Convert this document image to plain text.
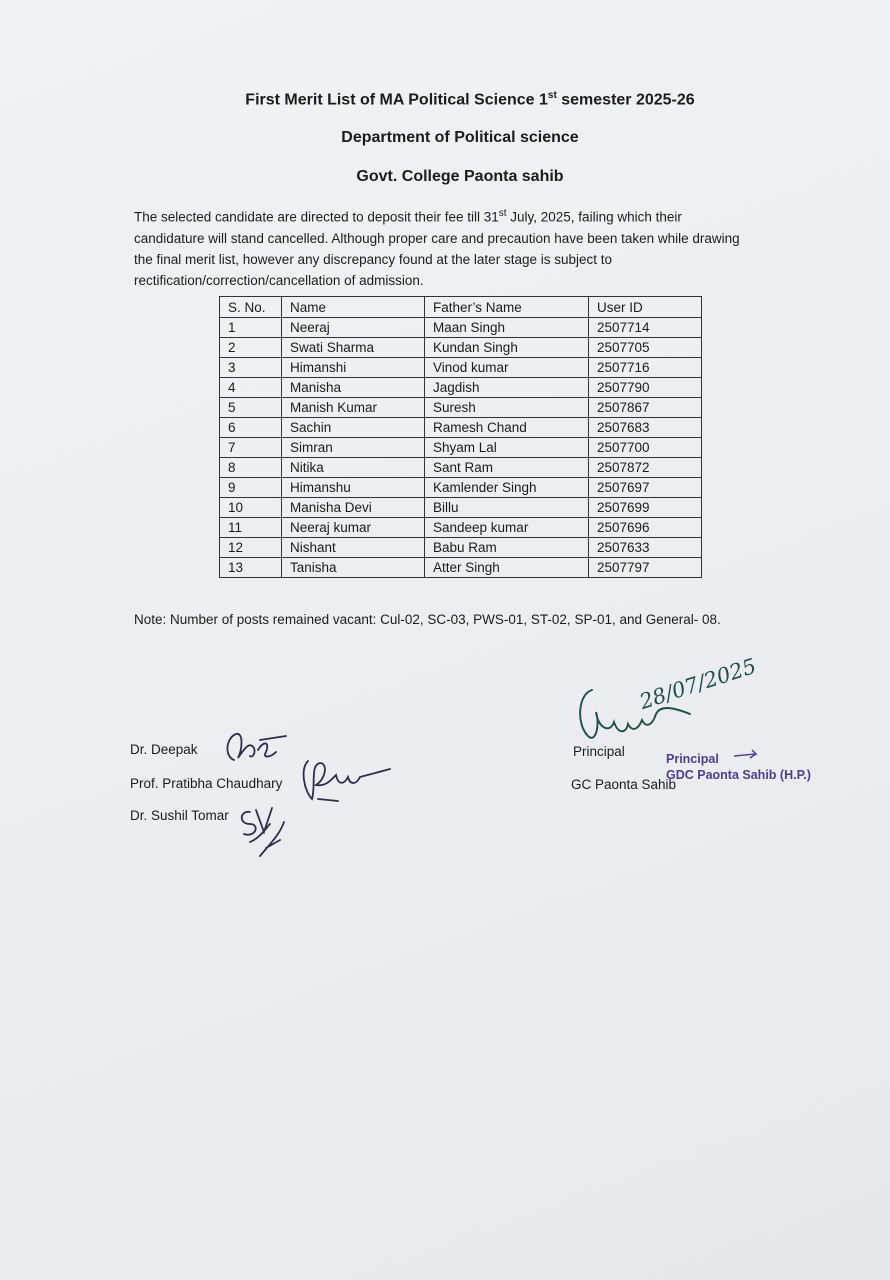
First Merit List of MA Political Science 1st semester 2025-26
Department of Political science
Govt. College Paonta sahib

The selected candidate are directed to deposit their fee till 31st July, 2025, failing which their candidature will stand cancelled. Although proper care and precaution have been taken while drawing the final merit list, however any discrepancy found at the later stage is subject to rectification/correction/cancellation of admission.

S. No.	Name	Father’s Name	User ID
1	Neeraj	Maan Singh	2507714
2	Swati Sharma	Kundan Singh	2507705
3	Himanshi	Vinod kumar	2507716
4	Manisha	Jagdish	2507790
5	Manish Kumar	Suresh	2507867
6	Sachin	Ramesh Chand	2507683
7	Simran	Shyam Lal	2507700
8	Nitika	Sant Ram	2507872
9	Himanshu	Kamlender Singh	2507697
10	Manisha Devi	Billu	2507699
11	Neeraj kumar	Sandeep kumar	2507696
12	Nishant	Babu Ram	2507633
13	Tanisha	Atter Singh	2507797

Note: Number of posts remained vacant: Cul-02, SC-03, PWS-01, ST-02, SP-01, and General- 08.

Dr. Deepak

Prof. Pratibha Chaudhary

Dr. Sushil Tomar

28/07/2025

Principal

GC Paonta Sahib

Principal

GDC Paonta Sahib (H.P.)
